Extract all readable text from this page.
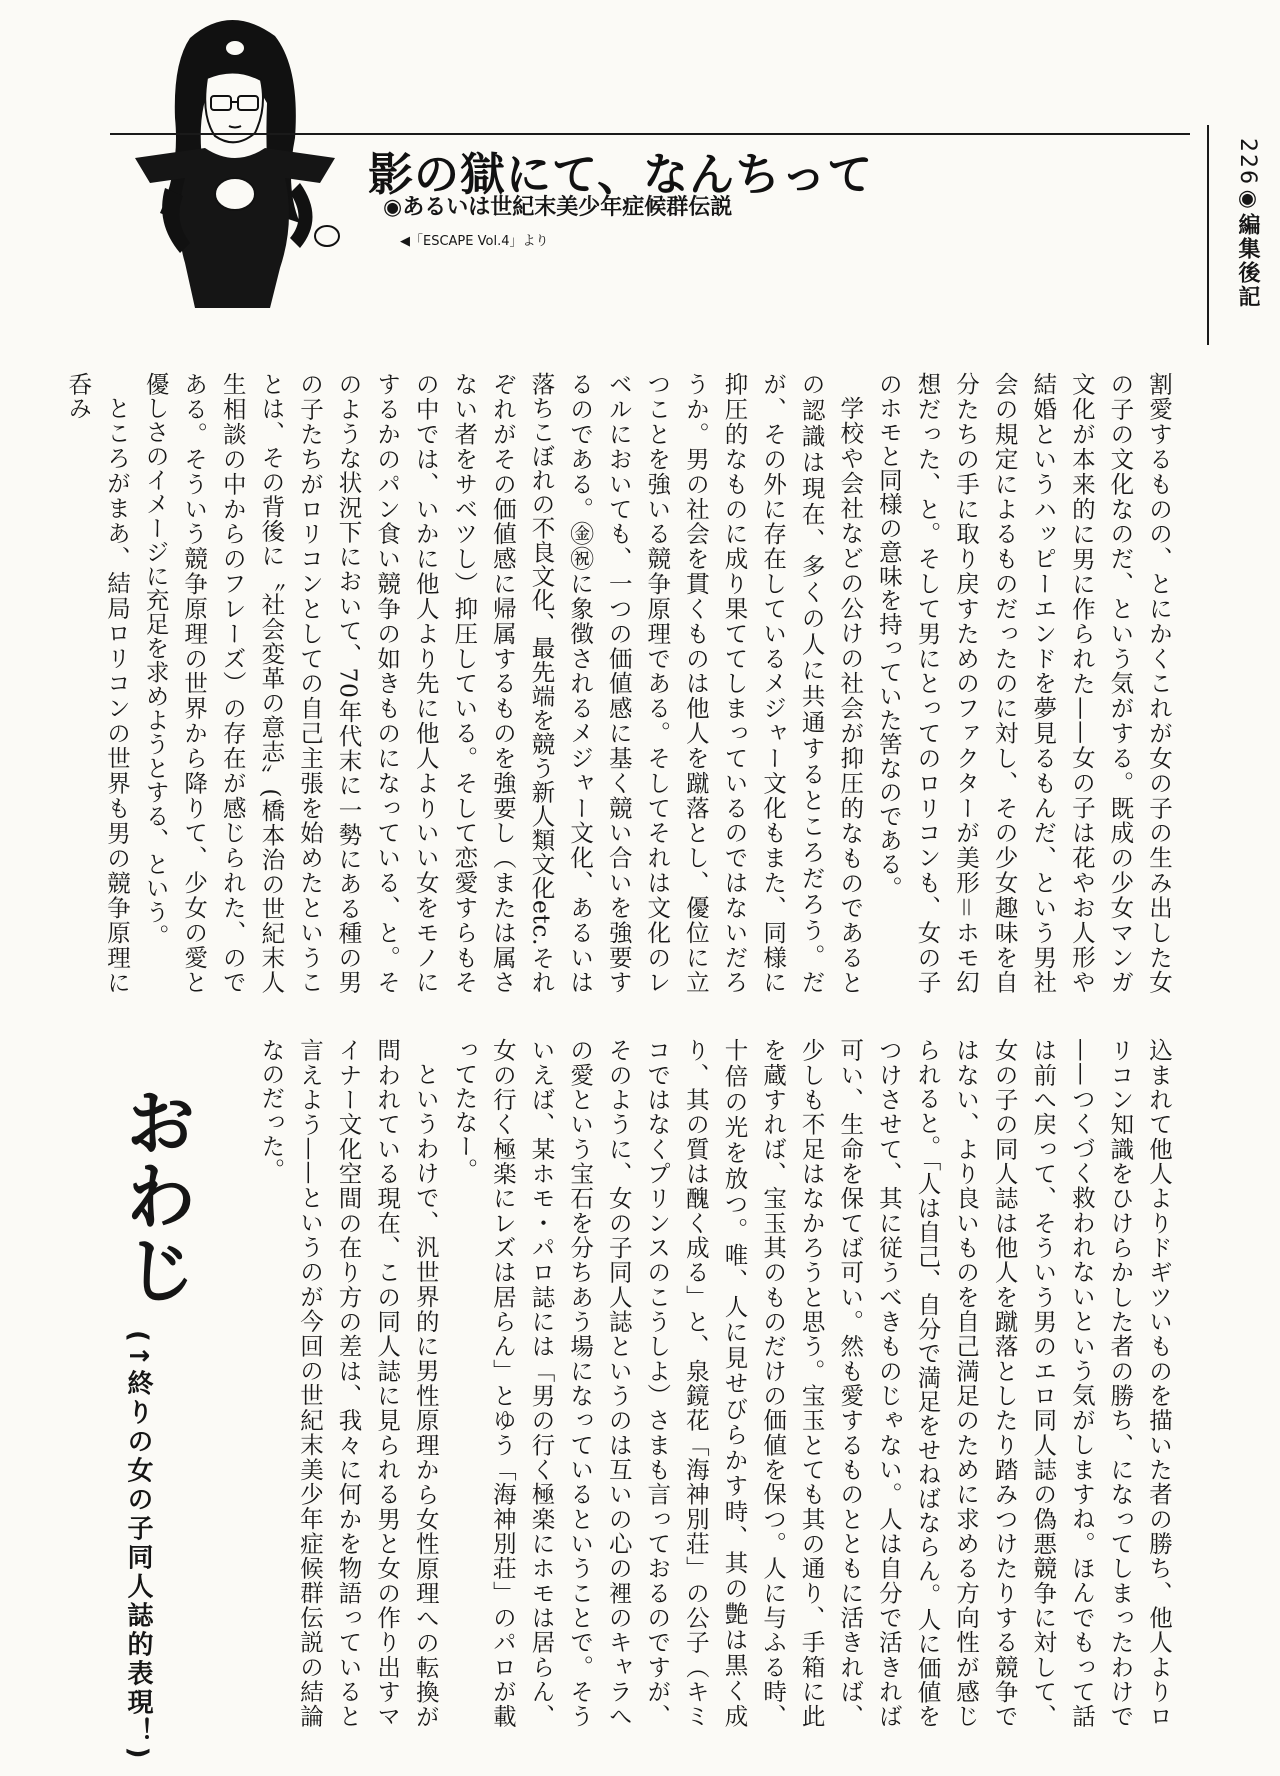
影の獄にて、なんちって
◉あるいは世紀末美少年症候群伝説
◀「ESCAPE Vol.4」より
226◉編集後記
割愛するものの、とにかくこれが女の子の生み出した女の子の文化なのだ、という気がする。既成の少女マンガ文化が本来的に男に作られた——女の子は花やお人形や結婚というハッピーエンドを夢見るもんだ、という男社会の規定によるものだったのに対し、その少女趣味を自分たちの手に取り戻すためのファクターが美形＝ホモ幻想だった、と。そして男にとってのロリコンも、女の子のホモと同様の意味を持っていた筈なのである。
学校や会社などの公けの社会が抑圧的なものであるとの認識は現在、多くの人に共通するところだろう。だが、その外に存在しているメジャー文化もまた、同様に抑圧的なものに成り果ててしまっているのではないだろうか。男の社会を貫くものは他人を蹴落とし、優位に立つことを強いる競争原理である。そしてそれは文化のレベルにおいても、一つの価値感に基く競い合いを強要するのである。㊎㊗に象徴されるメジャー文化、あるいは落ちこぼれの不良文化、最先端を競う新人類文化etc.それぞれがその価値感に帰属するものを強要し（または属さない者をサベツし）抑圧している。そして恋愛すらもその中では、いかに他人より先に他人よりいい女をモノにするかのパン食い競争の如きものになっている、と。そのような状況下において、70年代末に一勢にある種の男の子たちがロリコンとしての自己主張を始めたということは、その背後に〝社会変革の意志〟(橋本治の世紀末人生相談の中からのフレーズ）の存在が感じられた、のである。そういう競争原理の世界から降りて、少女の愛と優しさのイメージに充足を求めようとする、という。
ところがまあ、結局ロリコンの世界も男の競争原理に呑み
込まれて他人よりドギツいものを描いた者の勝ち、他人よりロリコン知識をひけらかした者の勝ち、になってしまったわけで——つくづく救われないという気がしますね。ほんでもって話は前へ戻って、そういう男のエロ同人誌の偽悪競争に対して、女の子の同人誌は他人を蹴落としたり踏みつけたりする競争ではない、より良いものを自己満足のために求める方向性が感じられると。「人は自己、自分で満足をせねばならん。人に価値をつけさせて、其に従うべきものじゃない。人は自分で活きれば可い、生命を保てば可い。然も愛するものとともに活きれば、少しも不足はなかろうと思う。宝玉とても其の通り、手箱に此を蔵すれば、宝玉其のものだけの価値を保つ。人に与ふる時、十倍の光を放つ。唯、人に見せびらかす時、其の艶は黒く成り、其の質は醜く成る」と、泉鏡花「海神別荘」の公子（キミコではなくプリンスのこうしよ）さまも言っておるのですが、そのように、女の子同人誌というのは互いの心の裡のキャラへの愛という宝石を分ちあう場になっているということで。そういえば、某ホモ・パロ誌には「男の行く極楽にホモは居らん、女の行く極楽にレズは居らん」とゆう「海神別荘」のパロが載ってたなー。
というわけで、汎世界的に男性原理から女性原理への転換が問われている現在、この同人誌に見られる男と女の作り出すマイナー文化空間の在り方の差は、我々に何かを物語っていると言えよう——というのが今回の世紀末美少年症候群伝説の結論なのだった。
おわじ
(↑終りの女の子同人誌的表現！)
